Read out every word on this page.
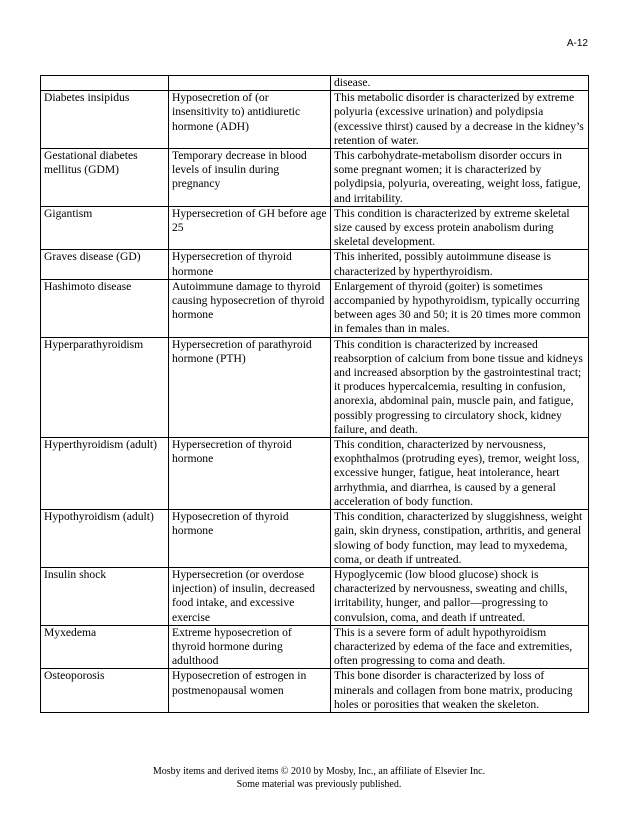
A-12
		disease.
Diabetes insipidus	Hyposecretion of (or insensitivity to) antidiuretic hormone (ADH)	This metabolic disorder is characterized by extreme polyuria (excessive urination) and polydipsia (excessive thirst) caused by a decrease in the kidney’s retention of water.
Gestational diabetes mellitus (GDM)	Temporary decrease in blood levels of insulin during pregnancy	This carbohydrate-metabolism disorder occurs in some pregnant women; it is characterized by polydipsia, polyuria, overeating, weight loss, fatigue, and irritability.
Gigantism	Hypersecretion of GH before age 25	This condition is characterized by extreme skeletal size caused by excess protein anabolism during skeletal development.
Graves disease (GD)	Hypersecretion of thyroid hormone	This inherited, possibly autoimmune disease is characterized by hyperthyroidism.
Hashimoto disease	Autoimmune damage to thyroid causing hyposecretion of thyroid hormone	Enlargement of thyroid (goiter) is sometimes accompanied by hypothyroidism, typically occurring between ages 30 and 50; it is 20 times more common in females than in males.
Hyperparathyroidism	Hypersecretion of parathyroid hormone (PTH)	This condition is characterized by increased reabsorption of calcium from bone tissue and kidneys and increased absorption by the gastrointestinal tract; it produces hypercalcemia, resulting in confusion, anorexia, abdominal pain, muscle pain, and fatigue, possibly progressing to circulatory shock, kidney failure, and death.
Hyperthyroidism (adult)	Hypersecretion of thyroid hormone	This condition, characterized by nervousness, exophthalmos (protruding eyes), tremor, weight loss, excessive hunger, fatigue, heat intolerance, heart arrhythmia, and diarrhea, is caused by a general acceleration of body function.
Hypothyroidism (adult)	Hyposecretion of thyroid hormone	This condition, characterized by sluggishness, weight gain, skin dryness, constipation, arthritis, and general slowing of body function, may lead to myxedema, coma, or death if untreated.
Insulin shock	Hypersecretion (or overdose injection) of insulin, decreased food intake, and excessive exercise	Hypoglycemic (low blood glucose) shock is characterized by nervousness, sweating and chills, irritability, hunger, and pallor—progressing to convulsion, coma, and death if untreated.
Myxedema	Extreme hyposecretion of thyroid hormone during adulthood	This is a severe form of adult hypothyroidism characterized by edema of the face and extremities, often progressing to coma and death.
Osteoporosis	Hyposecretion of estrogen in postmenopausal women	This bone disorder is characterized by loss of minerals and collagen from bone matrix, producing holes or porosities that weaken the skeleton.
Mosby items and derived items © 2010 by Mosby, Inc., an affiliate of Elsevier Inc.
Some material was previously published.
